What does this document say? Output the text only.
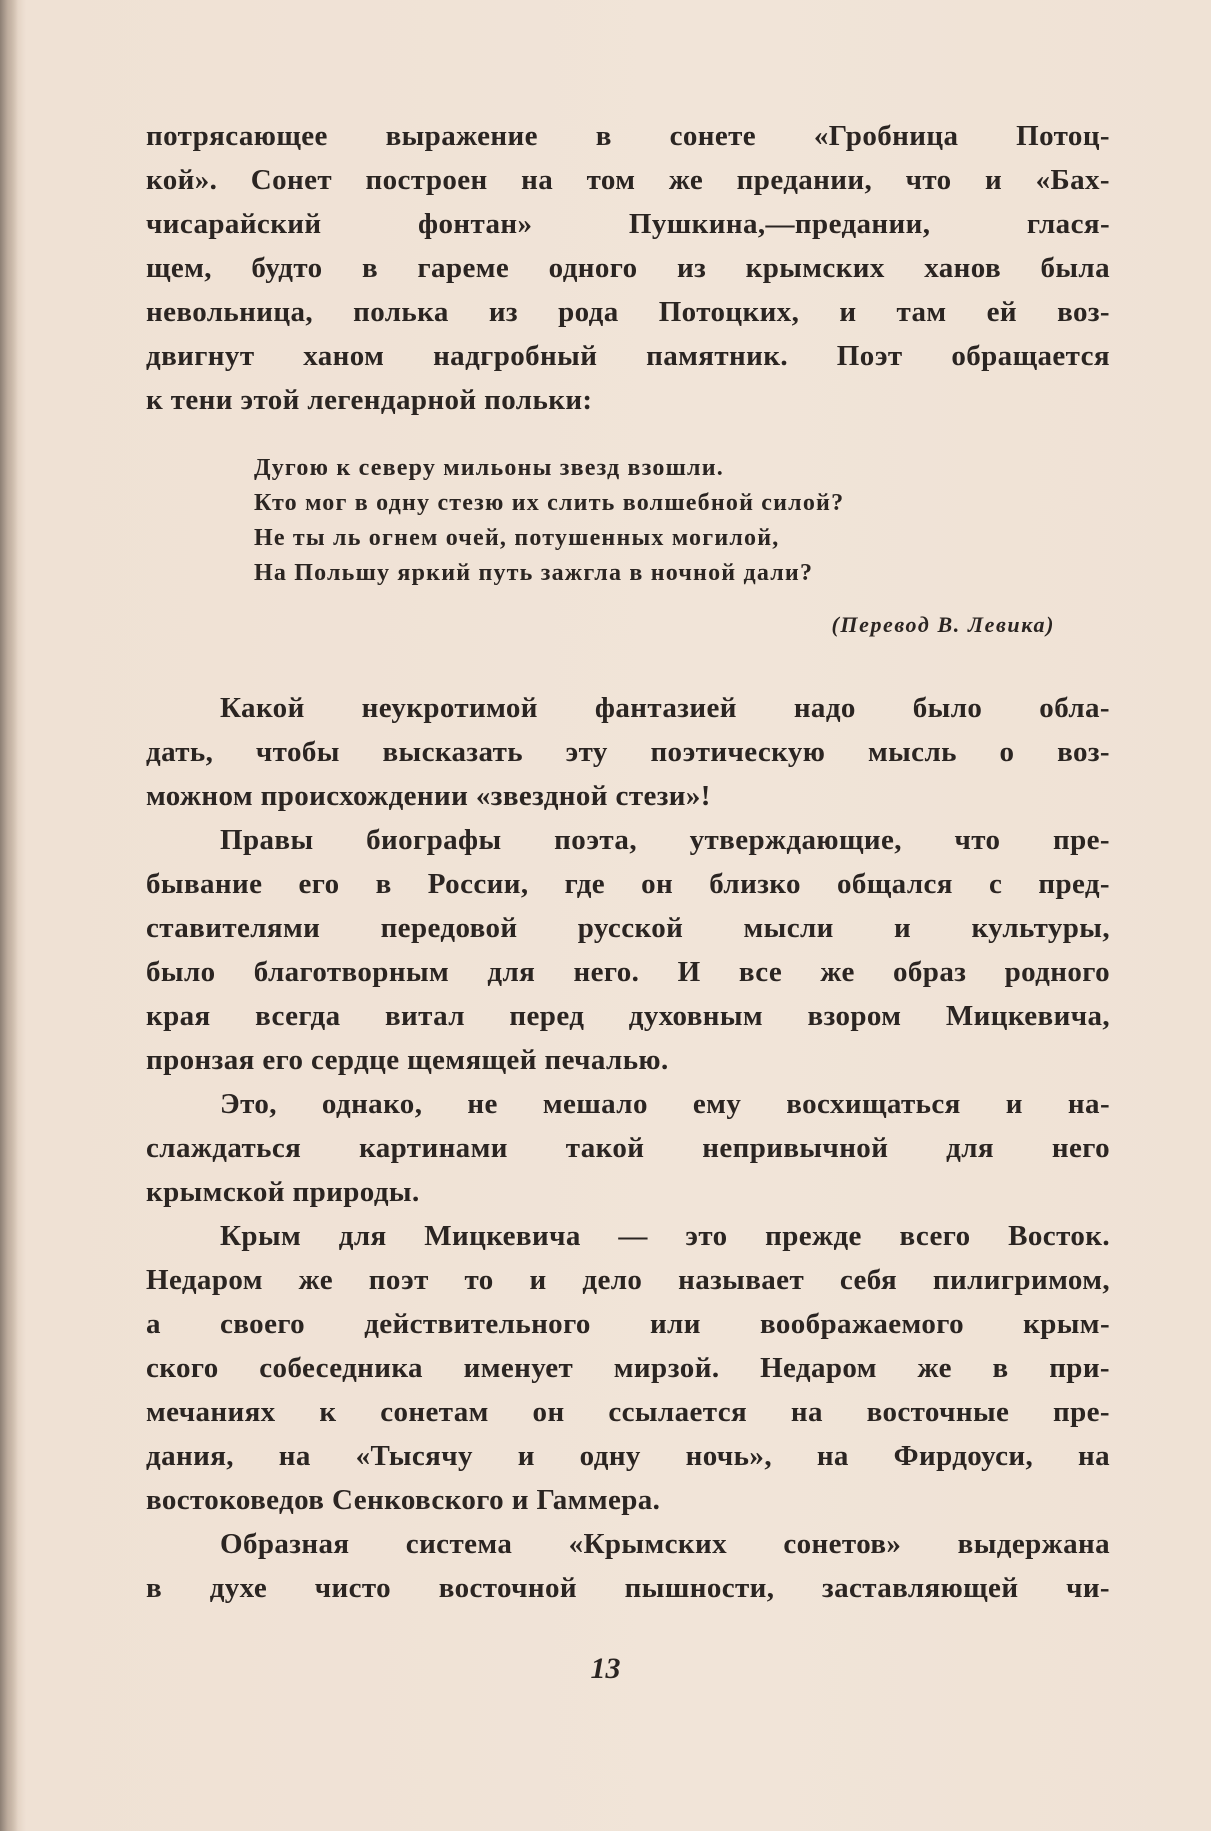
потрясающее выражение в сонете «Гробница Потоц-
кой». Сонет построен на том же предании, что и «Бах-
чисарайский фонтан» Пушкина,—предании, глася-
щем, будто в гареме одного из крымских ханов была
невольница, полька из рода Потоцких, и там ей воз-
двигнут ханом надгробный памятник. Поэт обращается
к тени этой легендарной польки:
Дугою к северу мильоны звезд взошли.
Кто мог в одну стезю их слить волшебной силой?
Не ты ль огнем очей, потушенных могилой,
На Польшу яркий путь зажгла в ночной дали?
(Перевод В. Левика)
Какой неукротимой фантазией надо было обла-
дать, чтобы высказать эту поэтическую мысль о воз-
можном происхождении «звездной стези»!
Правы биографы поэта, утверждающие, что пре-
бывание его в России, где он близко общался с пред-
ставителями передовой русской мысли и культуры,
было благотворным для него. И все же образ родного
края всегда витал перед духовным взором Мицкевича,
пронзая его сердце щемящей печалью.
Это, однако, не мешало ему восхищаться и на-
слаждаться картинами такой непривычной для него
крымской природы.
Крым для Мицкевича — это прежде всего Восток.
Недаром же поэт то и дело называет себя пилигримом,
а своего действительного или воображаемого крым-
ского собеседника именует мирзой. Недаром же в при-
мечаниях к сонетам он ссылается на восточные пре-
дания, на «Тысячу и одну ночь», на Фирдоуси, на
востоковедов Сенковского и Гаммера.
Образная система «Крымских сонетов» выдержана
в духе чисто восточной пышности, заставляющей чи-
13
